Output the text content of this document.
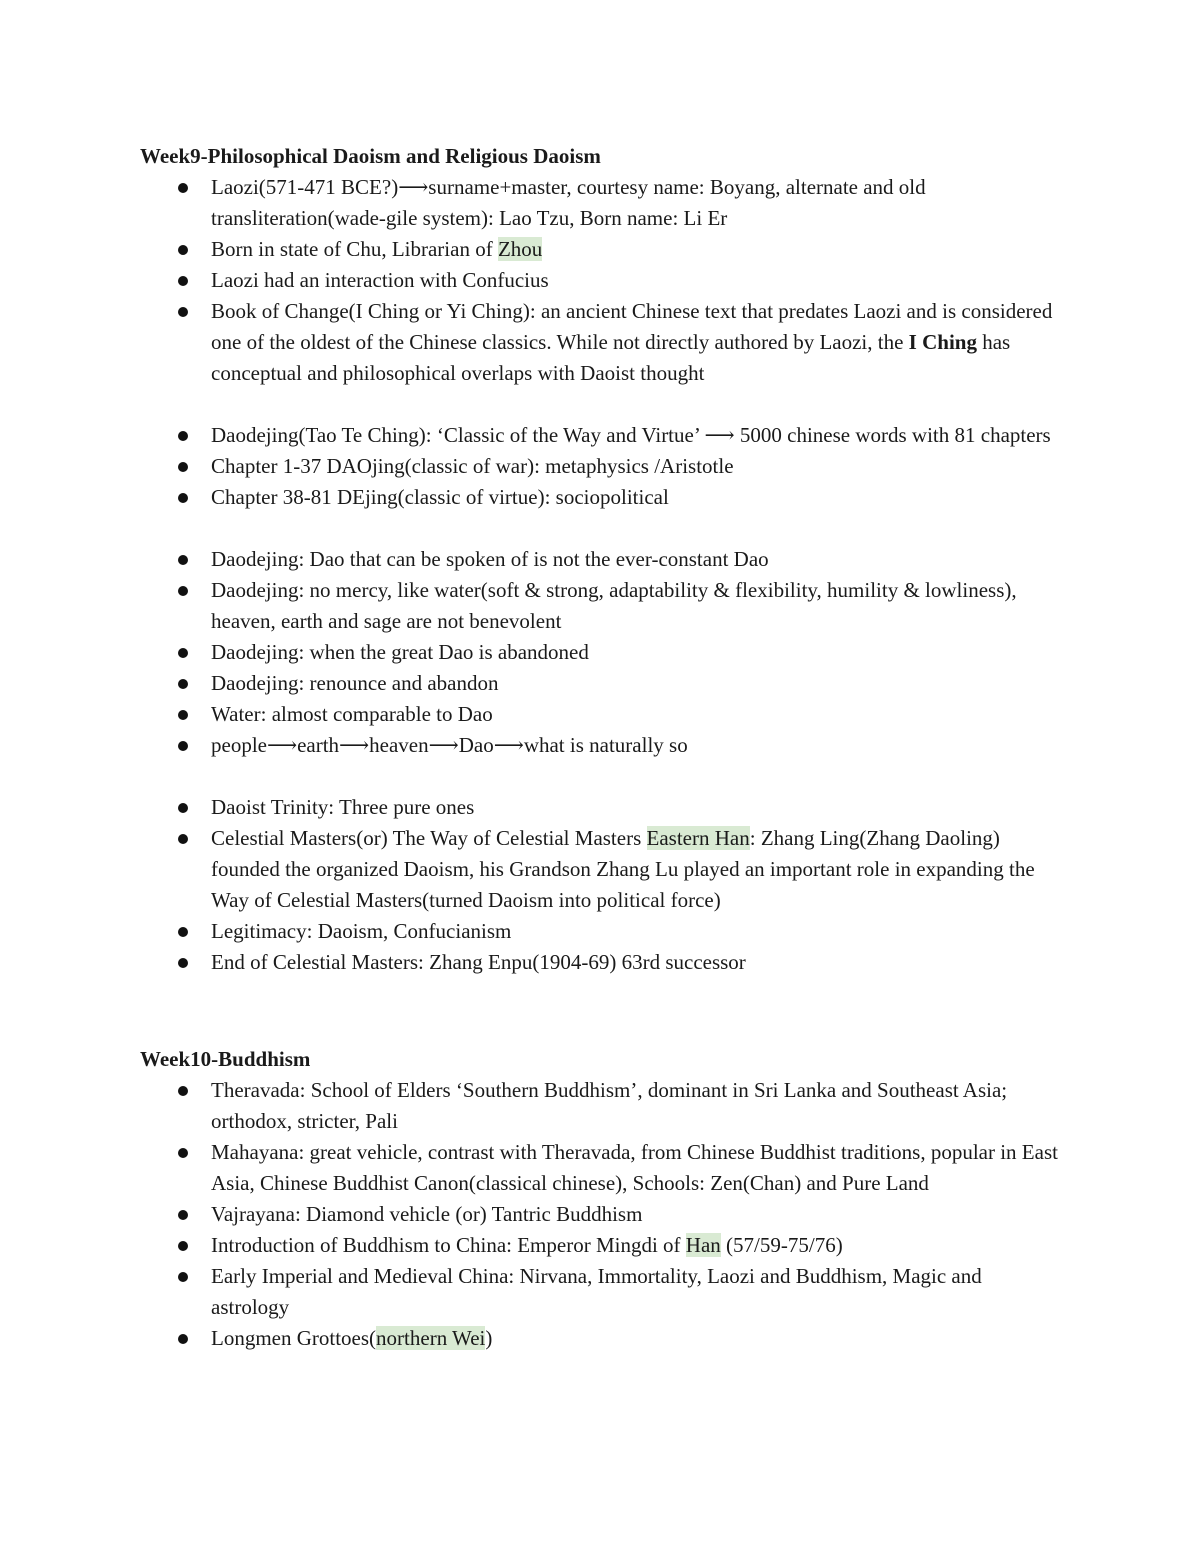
Week9-Philosophical Daoism and Religious Daoism
Laozi(571-471 BCE?)⟶surname+master, courtesy name: Boyang, alternate and old transliteration(wade-gile system): Lao Tzu, Born name: Li Er
Born in state of Chu, Librarian of Zhou
Laozi had an interaction with Confucius
Book of Change(I Ching or Yi Ching): an ancient Chinese text that predates Laozi and is considered one of the oldest of the Chinese classics. While not directly authored by Laozi, the I Ching has conceptual and philosophical overlaps with Daoist thought
Daodejing(Tao Te Ching): ‘Classic of the Way and Virtue’ ⟶ 5000 chinese words with 81 chapters
Chapter 1-37 DAOjing(classic of war): metaphysics /Aristotle
Chapter 38-81 DEjing(classic of virtue): sociopolitical
Daodejing: Dao that can be spoken of is not the ever-constant Dao
Daodejing: no mercy, like water(soft & strong, adaptability & flexibility, humility & lowliness), heaven, earth and sage are not benevolent
Daodejing: when the great Dao is abandoned
Daodejing: renounce and abandon
Water: almost comparable to Dao
people⟶earth⟶heaven⟶Dao⟶what is naturally so
Daoist Trinity: Three pure ones
Celestial Masters(or) The Way of Celestial Masters Eastern Han: Zhang Ling(Zhang Daoling) founded the organized Daoism, his Grandson Zhang Lu played an important role in expanding the Way of Celestial Masters(turned Daoism into political force)
Legitimacy: Daoism, Confucianism
End of Celestial Masters: Zhang Enpu(1904-69) 63rd successor
Week10-Buddhism
Theravada: School of Elders ‘Southern Buddhism’, dominant in Sri Lanka and Southeast Asia; orthodox, stricter, Pali
Mahayana: great vehicle, contrast with Theravada, from Chinese Buddhist traditions, popular in East Asia, Chinese Buddhist Canon(classical chinese), Schools: Zen(Chan) and Pure Land
Vajrayana: Diamond vehicle (or) Tantric Buddhism
Introduction of Buddhism to China: Emperor Mingdi of Han (57/59-75/76)
Early Imperial and Medieval China: Nirvana, Immortality, Laozi and Buddhism, Magic and astrology
Longmen Grottoes(northern Wei)
